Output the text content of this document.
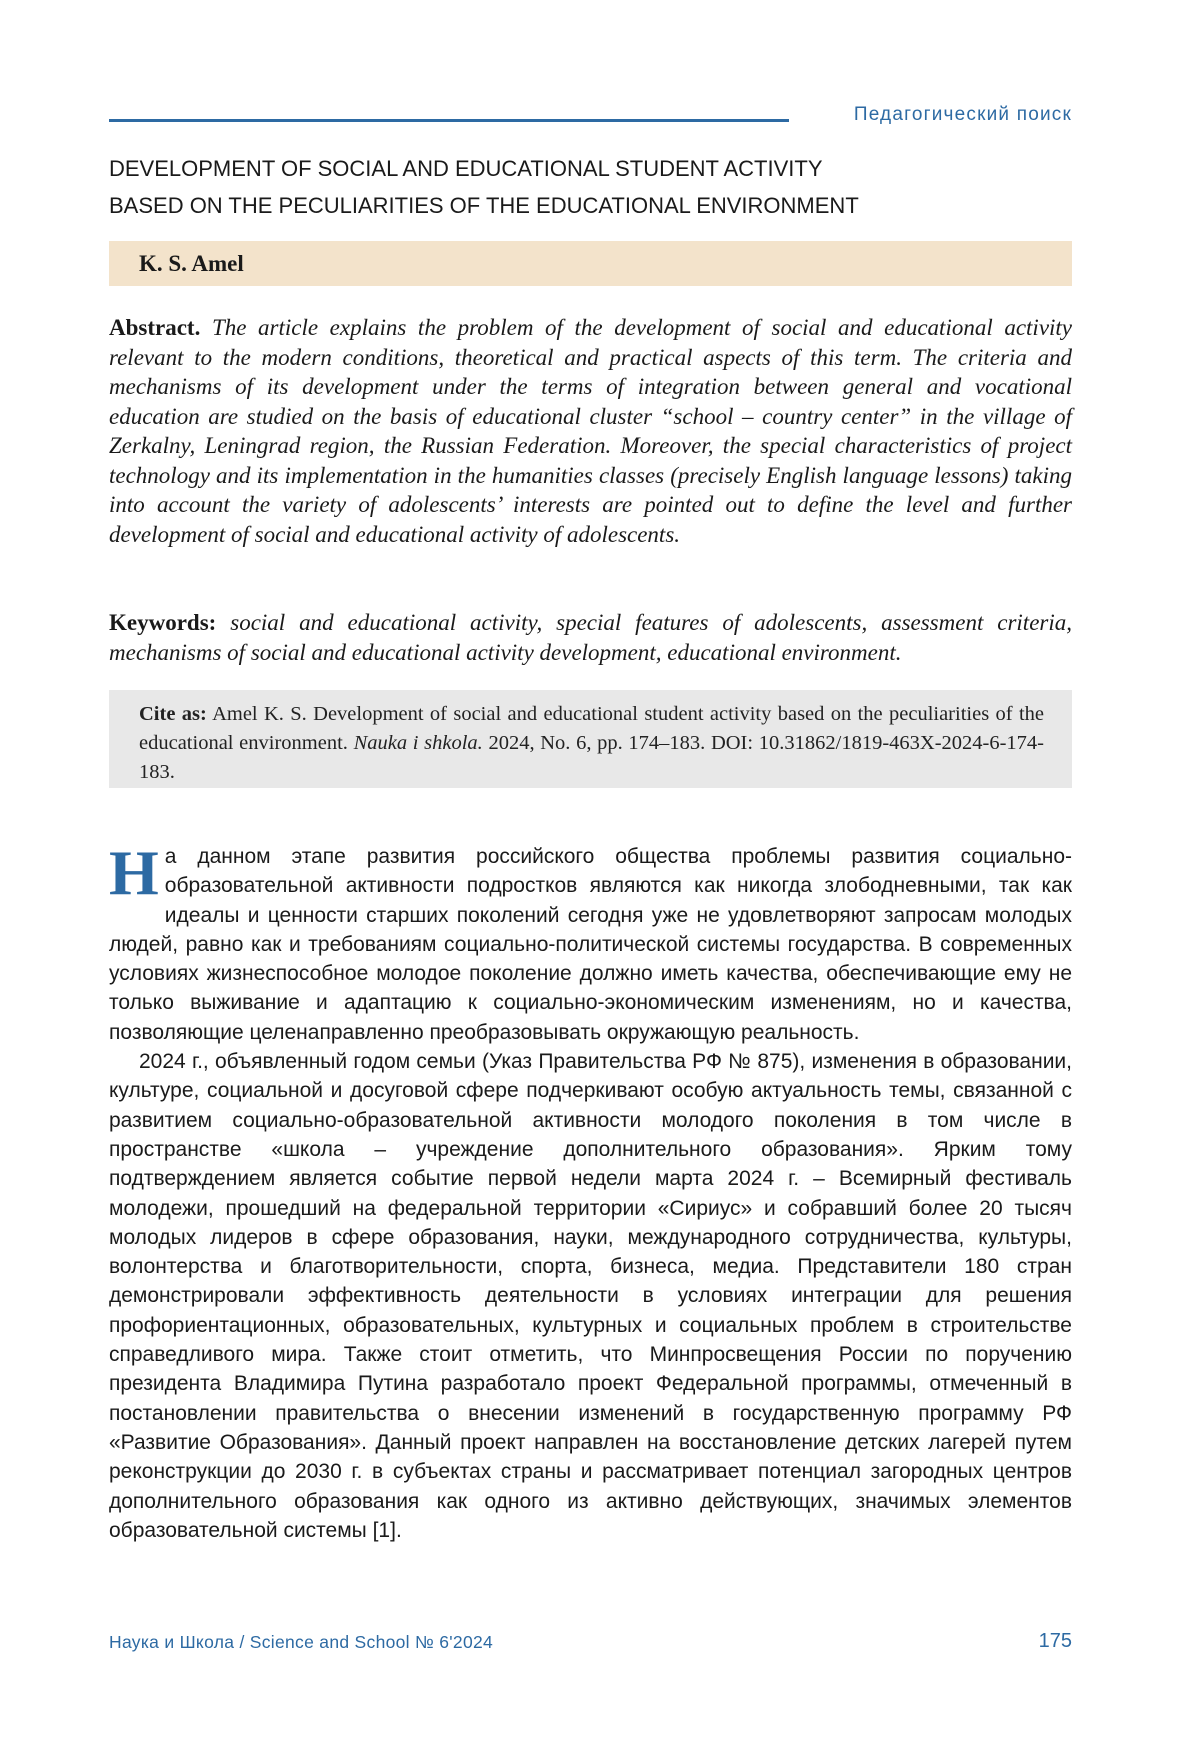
Педагогический поиск
DEVELOPMENT OF SOCIAL AND EDUCATIONAL STUDENT ACTIVITY
BASED ON THE PECULIARITIES OF THE EDUCATIONAL ENVIRONMENT
K. S. Amel

Abstract. The article explains the problem of the development of social and educational activity relevant to the modern conditions, theoretical and practical aspects of this term. The criteria and mechanisms of its development under the terms of integration between general and vocational education are studied on the basis of educational cluster “school – country center” in the village of Zerkalny, Leningrad region, the Russian Federation. Moreover, the special characteristics of project technology and its implementation in the humanities classes (precisely English language lessons) taking into account the variety of adolescents’ interests are pointed out to define the level and further development of social and educational activity of adolescents.

Keywords: social and educational activity, special features of adolescents, assessment criteria, mechanisms of social and educational activity development, educational environment.

Cite as: Amel K. S. Development of social and educational student activity based on the peculiarities of the educational environment. Nauka i shkola. 2024, No. 6, pp. 174–183. DOI: 10.31862/1819-463X-2024-6-174-183.

На данном этапе развития российского общества проблемы развития социально-образовательной активности подростков являются как никогда злободневными, так как идеалы и ценности старших поколений сегодня уже не удовлетворяют запросам молодых людей, равно как и требованиям социально-политической системы государства. В современных условиях жизнеспособное молодое поколение должно иметь качества, обеспечивающие ему не только выживание и адаптацию к социально-экономическим изменениям, но и качества, позволяющие целенаправленно преобразовывать окружающую реальность.

2024 г., объявленный годом семьи (Указ Правительства РФ № 875), изменения в образовании, культуре, социальной и досуговой сфере подчеркивают особую актуальность темы, связанной с развитием социально-образовательной активности молодого поколения в том числе в пространстве «школа – учреждение дополнительного образования». Ярким тому подтверждением является событие первой недели марта 2024 г. – Всемирный фестиваль молодежи, прошедший на федеральной территории «Сириус» и собравший более 20 тысяч молодых лидеров в сфере образования, науки, международного сотрудничества, культуры, волонтерства и благотворительности, спорта, бизнеса, медиа. Представители 180 стран демонстрировали эффективность деятельности в условиях интеграции для решения профориентационных, образовательных, культурных и социальных проблем в строительстве справедливого мира. Также стоит отметить, что Минпросвещения России по поручению президента Владимира Путина разработало проект Федеральной программы, отмеченный в постановлении правительства о внесении изменений в государственную программу РФ «Развитие Образования». Данный проект направлен на восстановление детских лагерей путем реконструкции до 2030 г. в субъектах страны и рассматривает потенциал загородных центров дополнительного образования как одного из активно действующих, значимых элементов образовательной системы [1].

Наука и Школа / Science and School № 6'2024	175
